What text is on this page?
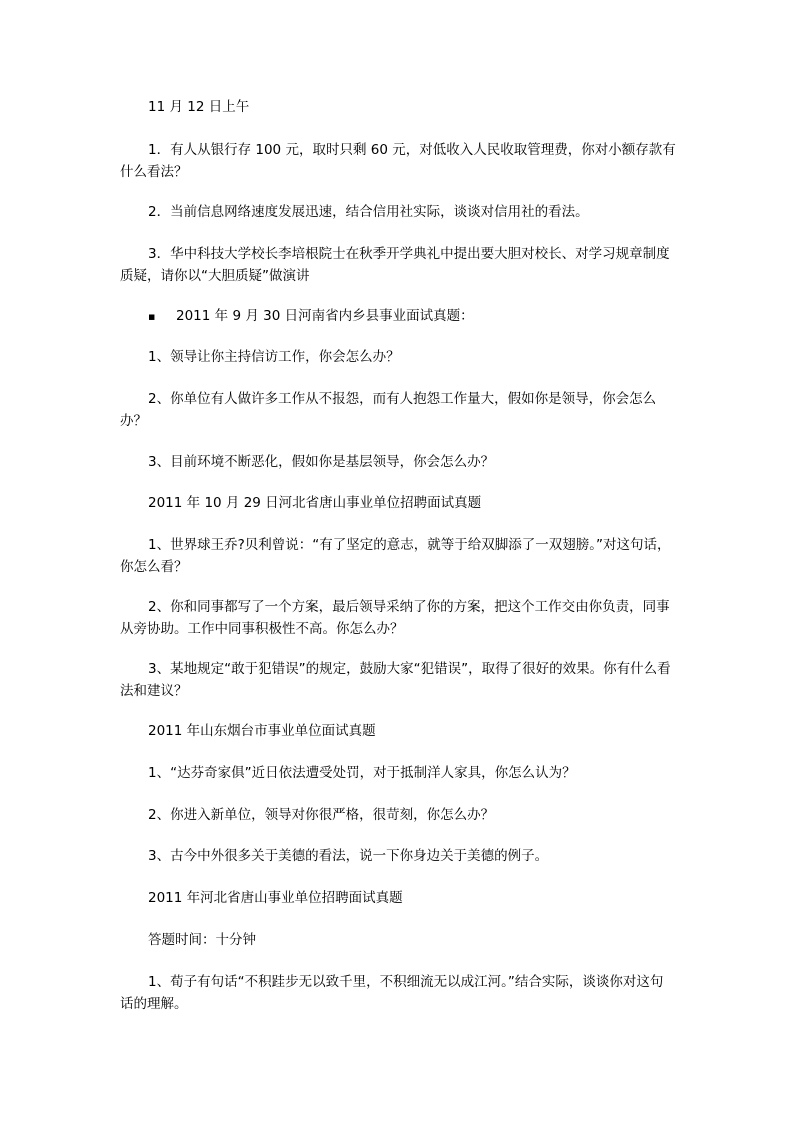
11 月 12 日上午

1．有人从银行存 100 元，取时只剩 60 元，对低收入人民收取管理费，你对小额存款有什么看法？

2．当前信息网络速度发展迅速，结合信用社实际，谈谈对信用社的看法。

3．华中科技大学校长李培根院士在秋季开学典礼中提出要大胆对校长、对学习规章制度质疑，请你以“大胆质疑”做演讲

▪ 2011 年 9 月 30 日河南省内乡县事业面试真题：

1、领导让你主持信访工作，你会怎么办？

2、你单位有人做许多工作从不报怨，而有人抱怨工作量大，假如你是领导，你会怎么办？

3、目前环境不断恶化，假如你是基层领导，你会怎么办？

2011 年 10 月 29 日河北省唐山事业单位招聘面试真题

1、世界球王乔?贝利曾说：“有了坚定的意志，就等于给双脚添了一双翅膀。”对这句话，你怎么看？

2、你和同事都写了一个方案，最后领导采纳了你的方案，把这个工作交由你负责，同事从旁协助。工作中同事积极性不高。你怎么办？

3、某地规定“敢于犯错误”的规定，鼓励大家“犯错误”，取得了很好的效果。你有什么看法和建议？

2011 年山东烟台市事业单位面试真题

1、“达芬奇家俱”近日依法遭受处罚，对于抵制洋人家具，你怎么认为？

2、你进入新单位，领导对你很严格，很苛刻，你怎么办？

3、古今中外很多关于美德的看法，说一下你身边关于美德的例子。

2011 年河北省唐山事业单位招聘面试真题

答题时间：十分钟

1、荀子有句话“不积跬步无以致千里，不积细流无以成江河。”结合实际，谈谈你对这句话的理解。
